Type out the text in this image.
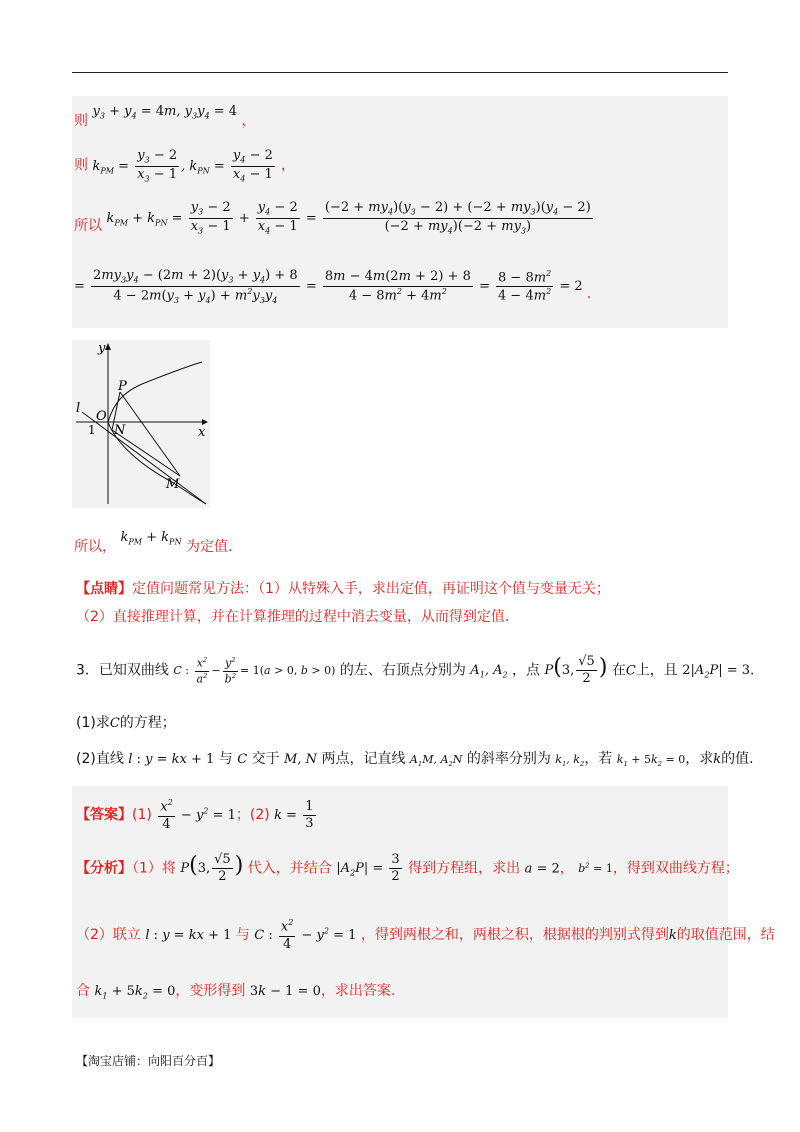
则 $y_3 + y_4 = 4m$, $y_3y_4 = 4$ ，
则 $k_{PM} = \frac{y_3 - 2}{x_3 - 1}$ , $k_{PN} = \frac{y_4 - 2}{x_4 - 1}$ ，
所以 $k_{PM} + k_{PN} = \frac{y_3 - 2}{x_3 - 1} + \frac{y_4 - 2}{x_4 - 1} = \frac{(-2 + my_4)(y_3 - 2) + (-2 + my_3)(y_4 - 2)}{(-2 + my_4)(-2 + my_3)}$
= $\frac{2my_3y_4 - (2m + 2)(y_3 + y_4) + 8}{4 - 2m(y_3 + y_4) + m^2y_3y_4} = \frac{8m - 4m(2m + 2) + 8}{4 - 8m^2 + 4m^2} = \frac{8 - 8m^2}{4 - 4m^2} = 2$ .
y
x
P
O
N
M
l
1
所以， $k_{PM} + k_{PN}$ 为定值.
【点睛】定值问题常见方法：（1）从特殊入手，求出定值，再证明这个值与变量无关；
（2）直接推理计算，并在计算推理的过程中消去变量，从而得到定值.
3．已知双曲线 C : $\frac{x^2}{a^2} - \frac{y^2}{b^2} = 1(a > 0$, b > 0) 的左、右顶点分别为 $A_1$, $A_2$ ，点 P(3, $\frac{√5}{2}$ ) 在C上，且 $2|A_2P| = 3$.
(1)求C的方程；
(2)直线 l : y = kx + 1 与 C 交于 M, N 两点，记直线 $A_1M$, $A_2N$ 的斜率分别为 $k_1$, $k_2$，若 $k_1 + 5k_2 = 0$，求k的值.
【答案】$(1) \frac{x^2}{4} - y^2 = 1$；(2) $k = \frac{1}{3}$
【分析】（1）将 P(3, $\frac{√5}{2}$ ) 代入，并结合 $|A_2P| = \frac{3}{2}$ 得到方程组，求出 a = 2， $b^2 = 1$，得到双曲线方程；
（2）联立 l : y = kx + 1 与 C : $\frac{x^2}{4} - y^2 = 1$ ，得到两根之和，两根之积，根据根的判别式得到k的取值范围，结
合 $k_1 + 5k_2 = 0$，变形得到 3k − 1 = 0，求出答案.
【淘宝店铺：向阳百分百】
